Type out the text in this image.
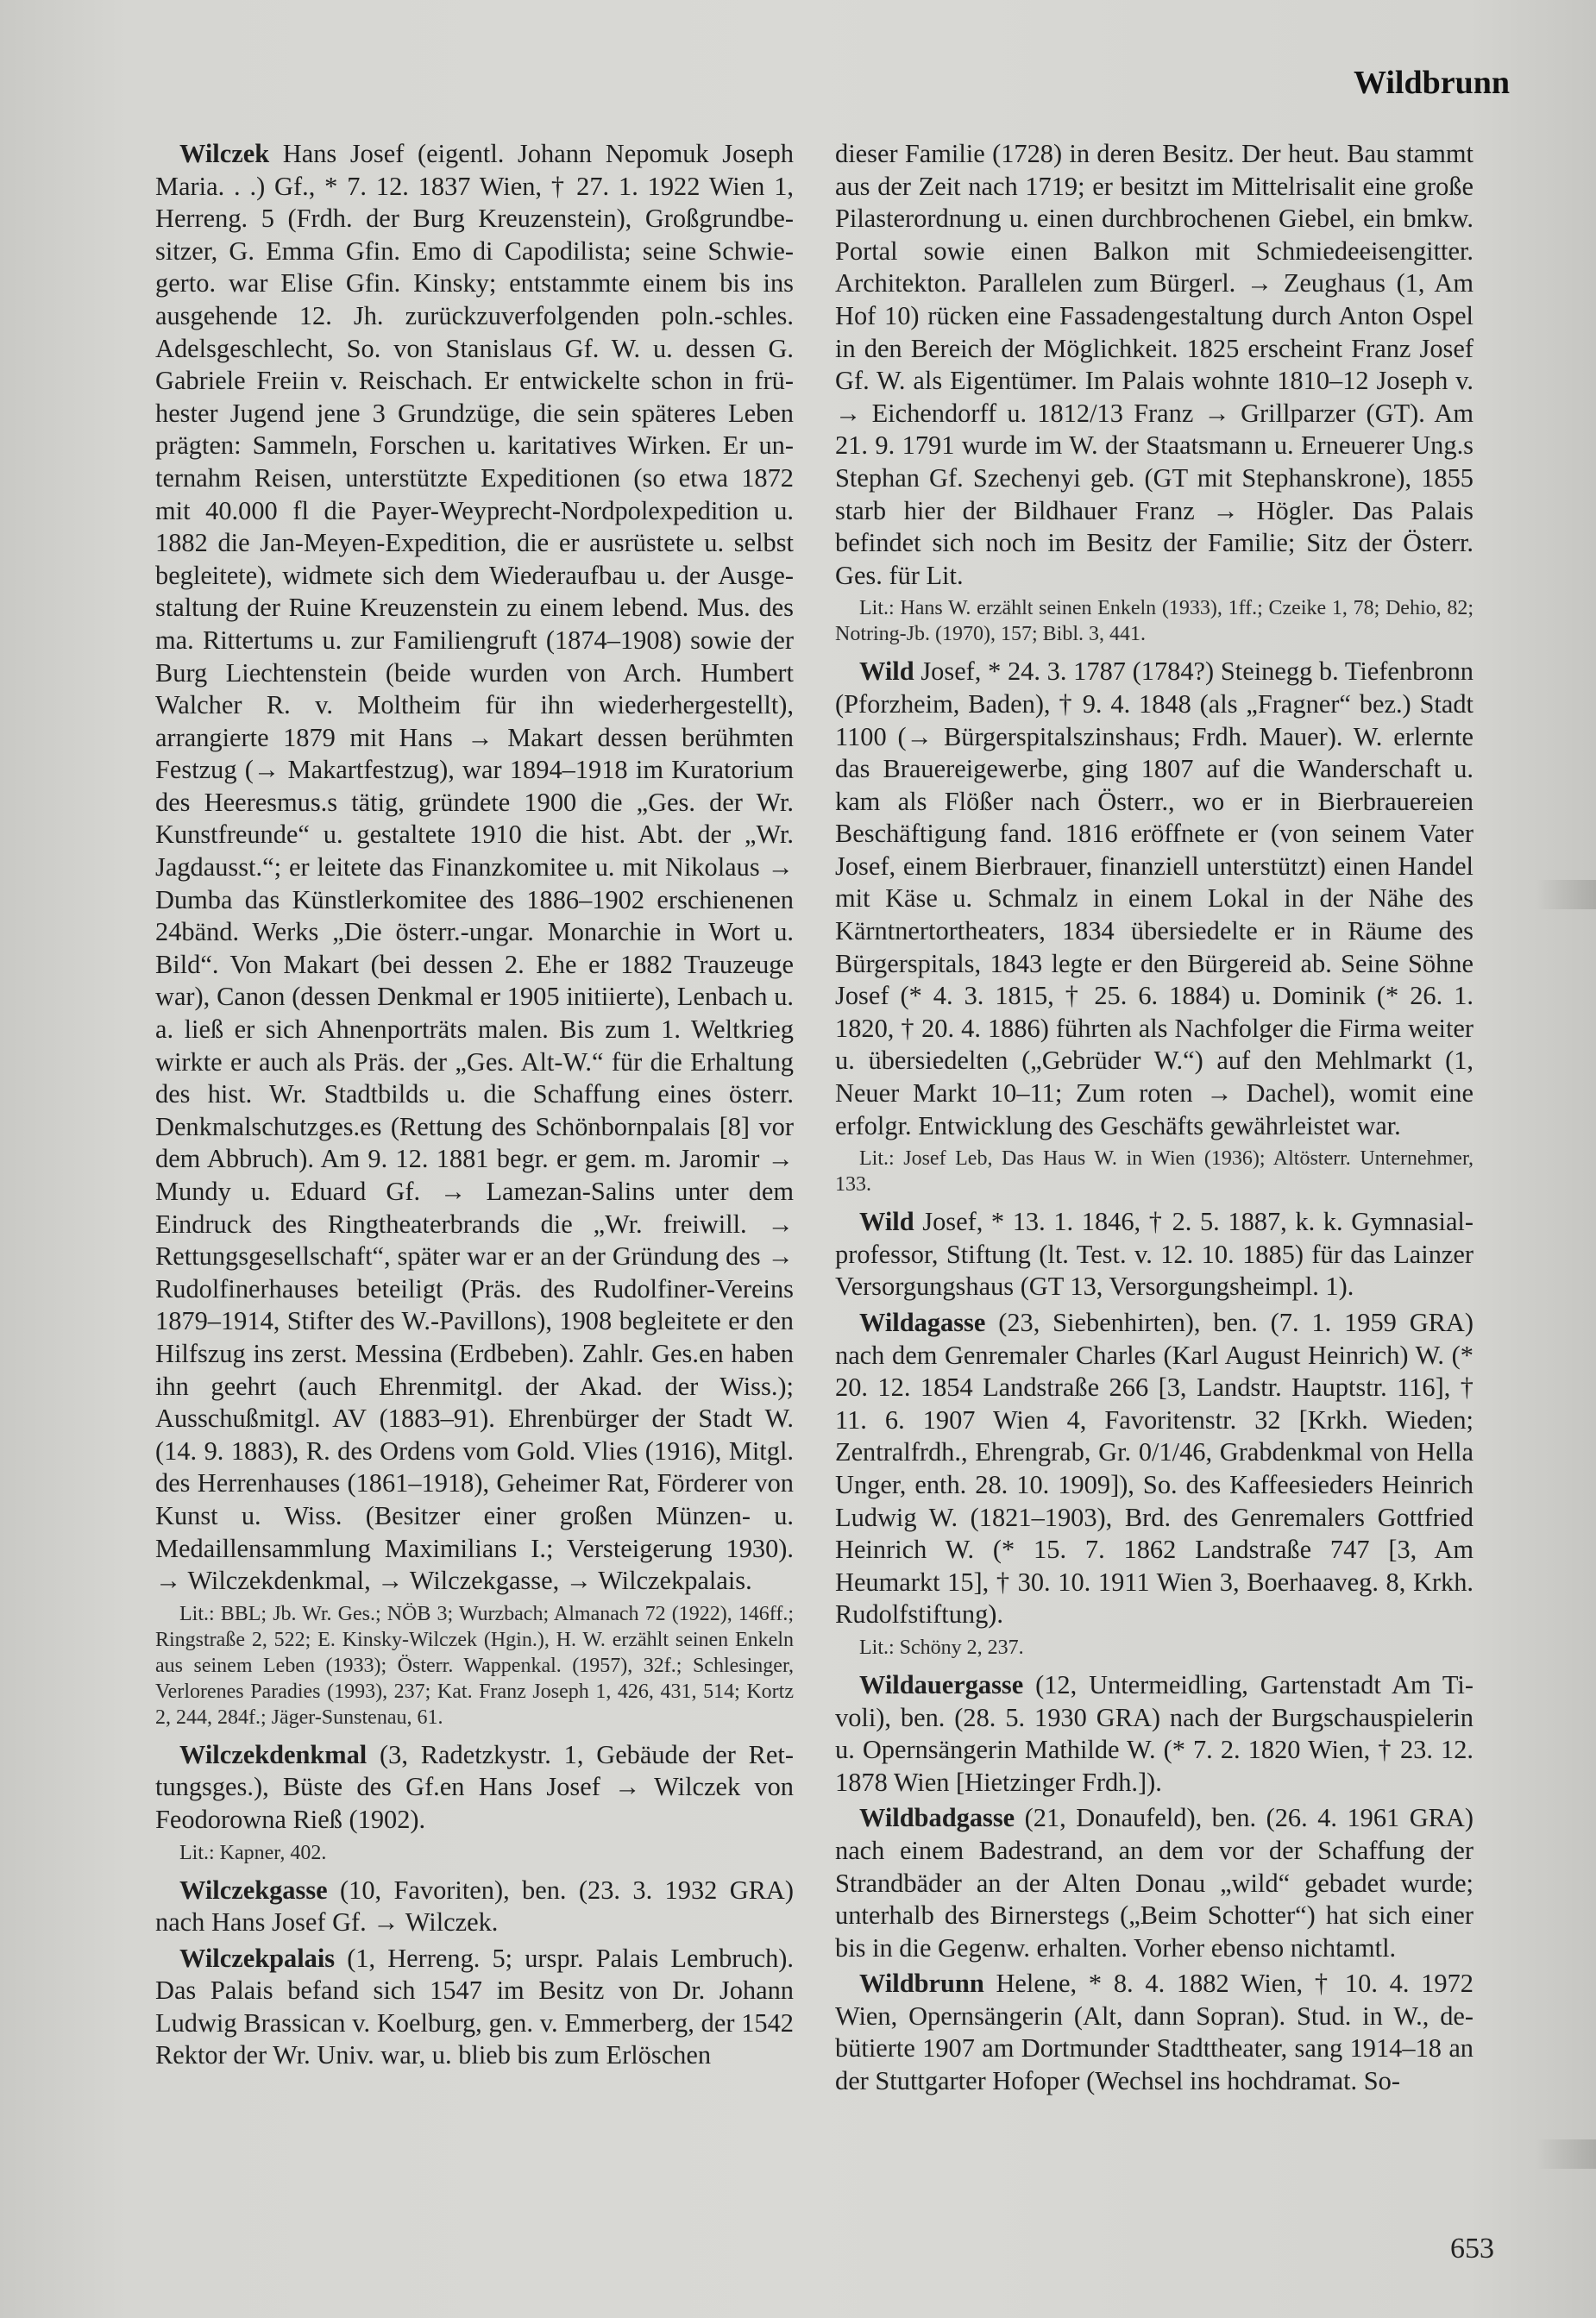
Wildbrunn

Wilczek Hans Josef (eigentl. Johann Nepomuk Joseph Maria. . .) Gf., * 7. 12. 1837 Wien, † 27. 1. 1922 Wien 1, Herreng. 5 (Frdh. der Burg Kreuzenstein), Großgrundbesitzer, G. Emma Gfin. Emo di Capodilista; seine Schwiegerto. war Elise Gfin. Kinsky; entstammte einem bis ins ausgehende 12. Jh. zurückzuverfolgenden poln.-schles. Adelsgeschlecht, So. von Stanislaus Gf. W. u. dessen G. Gabriele Freiin v. Reischach. Er entwickelte schon in frühester Jugend jene 3 Grundzüge, die sein späteres Leben prägten: Sammeln, Forschen u. karitatives Wirken. Er unternahm Reisen, unterstützte Expeditionen (so etwa 1872 mit 40.000 fl die Payer-Weyprecht-Nordpolexpedition u. 1882 die Jan-Meyen-Expedition, die er ausrüstete u. selbst begleitete), widmete sich dem Wiederaufbau u. der Ausgestaltung der Ruine Kreuzenstein zu einem lebend. Mus. des ma. Rittertums u. zur Familiengruft (1874–1908) sowie der Burg Liechtenstein (beide wurden von Arch. Humbert Walcher R. v. Moltheim für ihn wiederhergestellt), arrangierte 1879 mit Hans → Makart dessen berühmten Festzug (→ Makartfestzug), war 1894–1918 im Kuratorium des Heeresmus.s tätig, gründete 1900 die „Ges. der Wr. Kunstfreunde“ u. gestaltete 1910 die hist. Abt. der „Wr. Jagdausst.“; er leitete das Finanzkomitee u. mit Nikolaus → Dumba das Künstlerkomitee des 1886–1902 erschienenen 24bänd. Werks „Die österr.-ungar. Monarchie in Wort u. Bild“. Von Makart (bei dessen 2. Ehe er 1882 Trauzeuge war), Canon (dessen Denkmal er 1905 initiierte), Lenbach u. a. ließ er sich Ahnenporträts malen. Bis zum 1. Weltkrieg wirkte er auch als Präs. der „Ges. Alt-W.“ für die Erhaltung des hist. Wr. Stadtbilds u. die Schaffung eines österr. Denkmalschutzges.es (Rettung des Schönbornpalais [8] vor dem Abbruch). Am 9. 12. 1881 begr. er gem. m. Jaromir → Mundy u. Eduard Gf. → Lamezan-Salins unter dem Eindruck des Ringtheaterbrands die „Wr. freiwill. → Rettungsgesellschaft“, später war er an der Gründung des → Rudolfinerhauses beteiligt (Präs. des Rudolfiner-Vereins 1879–1914, Stifter des W.-Pavillons), 1908 begleitete er den Hilfszug ins zerst. Messina (Erdbeben). Zahlr. Ges.en haben ihn geehrt (auch Ehrenmitgl. der Akad. der Wiss.); Ausschußmitgl. AV (1883–91). Ehrenbürger der Stadt W. (14. 9. 1883), R. des Ordens vom Gold. Vlies (1916), Mitgl. des Herrenhauses (1861–1918), Geheimer Rat, Förderer von Kunst u. Wiss. (Besitzer einer großen Münzen- u. Medaillensammlung Maximilians I.; Versteigerung 1930). → Wilczekdenkmal, → Wilczekgasse, → Wilczekpalais.

Lit.: BBL; Jb. Wr. Ges.; NÖB 3; Wurzbach; Almanach 72 (1922), 146ff.; Ringstraße 2, 522; E. Kinsky-Wilczek (Hgin.), H. W. erzählt seinen Enkeln aus seinem Leben (1933); Österr. Wappenkal. (1957), 32f.; Schlesinger, Verlorenes Paradies (1993), 237; Kat. Franz Joseph 1, 426, 431, 514; Kortz 2, 244, 284f.; Jäger-Sunstenau, 61.

Wilczekdenkmal (3, Radetzkystr. 1, Gebäude der Rettungsges.), Büste des Gf.en Hans Josef → Wilczek von Feodorowna Rieß (1902).

Lit.: Kapner, 402.

Wilczekgasse (10, Favoriten), ben. (23. 3. 1932 GRA) nach Hans Josef Gf. → Wilczek.

Wilczekpalais (1, Herreng. 5; urspr. Palais Lembruch). Das Palais befand sich 1547 im Besitz von Dr. Johann Ludwig Brassican v. Koelburg, gen. v. Emmerberg, der 1542 Rektor der Wr. Univ. war, u. blieb bis zum Erlöschen

dieser Familie (1728) in deren Besitz. Der heut. Bau stammt aus der Zeit nach 1719; er besitzt im Mittelrisalit eine große Pilasterordnung u. einen durchbrochenen Giebel, ein bmkw. Portal sowie einen Balkon mit Schmiedeeisengitter. Architekton. Parallelen zum Bürgerl. → Zeughaus (1, Am Hof 10) rücken eine Fassadengestaltung durch Anton Ospel in den Bereich der Möglichkeit. 1825 erscheint Franz Josef Gf. W. als Eigentümer. Im Palais wohnte 1810–12 Joseph v. → Eichendorff u. 1812/13 Franz → Grillparzer (GT). Am 21. 9. 1791 wurde im W. der Staatsmann u. Erneuerer Ung.s Stephan Gf. Szechenyi geb. (GT mit Stephanskrone), 1855 starb hier der Bildhauer Franz → Högler. Das Palais befindet sich noch im Besitz der Familie; Sitz der Österr. Ges. für Lit.

Lit.: Hans W. erzählt seinen Enkeln (1933), 1ff.; Czeike 1, 78; Dehio, 82; Notring-Jb. (1970), 157; Bibl. 3, 441.

Wild Josef, * 24. 3. 1787 (1784?) Steinegg b. Tiefenbronn (Pforzheim, Baden), † 9. 4. 1848 (als „Fragner“ bez.) Stadt 1100 (→ Bürgerspitalszinshaus; Frdh. Mauer). W. erlernte das Brauereigewerbe, ging 1807 auf die Wanderschaft u. kam als Flößer nach Österr., wo er in Bierbrauereien Beschäftigung fand. 1816 eröffnete er (von seinem Vater Josef, einem Bierbrauer, finanziell unterstützt) einen Handel mit Käse u. Schmalz in einem Lokal in der Nähe des Kärntnertortheaters, 1834 übersiedelte er in Räume des Bürgerspitals, 1843 legte er den Bürgereid ab. Seine Söhne Josef (* 4. 3. 1815, † 25. 6. 1884) u. Dominik (* 26. 1. 1820, † 20. 4. 1886) führten als Nachfolger die Firma weiter u. übersiedelten („Gebrüder W.“) auf den Mehlmarkt (1, Neuer Markt 10–11; Zum roten → Dachel), womit eine erfolgr. Entwicklung des Geschäfts gewährleistet war.

Lit.: Josef Leb, Das Haus W. in Wien (1936); Altösterr. Unternehmer, 133.

Wild Josef, * 13. 1. 1846, † 2. 5. 1887, k. k. Gymnasialprofessor, Stiftung (lt. Test. v. 12. 10. 1885) für das Lainzer Versorgungshaus (GT 13, Versorgungsheimpl. 1).

Wildagasse (23, Siebenhirten), ben. (7. 1. 1959 GRA) nach dem Genremaler Charles (Karl August Heinrich) W. (* 20. 12. 1854 Landstraße 266 [3, Landstr. Hauptstr. 116], † 11. 6. 1907 Wien 4, Favoritenstr. 32 [Krkh. Wieden; Zentralfrdh., Ehrengrab, Gr. 0/1/46, Grabdenkmal von Hella Unger, enth. 28. 10. 1909]), So. des Kaffeesieders Heinrich Ludwig W. (1821–1903), Brd. des Genremalers Gottfried Heinrich W. (* 15. 7. 1862 Landstraße 747 [3, Am Heumarkt 15], † 30. 10. 1911 Wien 3, Boerhaaveg. 8, Krkh. Rudolfstiftung).

Lit.: Schöny 2, 237.

Wildauergasse (12, Untermeidling, Gartenstadt Am Tivoli), ben. (28. 5. 1930 GRA) nach der Burgschauspielerin u. Opernsängerin Mathilde W. (* 7. 2. 1820 Wien, † 23. 12. 1878 Wien [Hietzinger Frdh.]).

Wildbadgasse (21, Donaufeld), ben. (26. 4. 1961 GRA) nach einem Badestrand, an dem vor der Schaffung der Strandbäder an der Alten Donau „wild“ gebadet wurde; unterhalb des Birnerstegs („Beim Schotter“) hat sich einer bis in die Gegenw. erhalten. Vorher ebenso nichtamtl.

Wildbrunn Helene, * 8. 4. 1882 Wien, † 10. 4. 1972 Wien, Opernsängerin (Alt, dann Sopran). Stud. in W., debütierte 1907 am Dortmunder Stadttheater, sang 1914–18 an der Stuttgarter Hofoper (Wechsel ins hochdramat. So-

653
